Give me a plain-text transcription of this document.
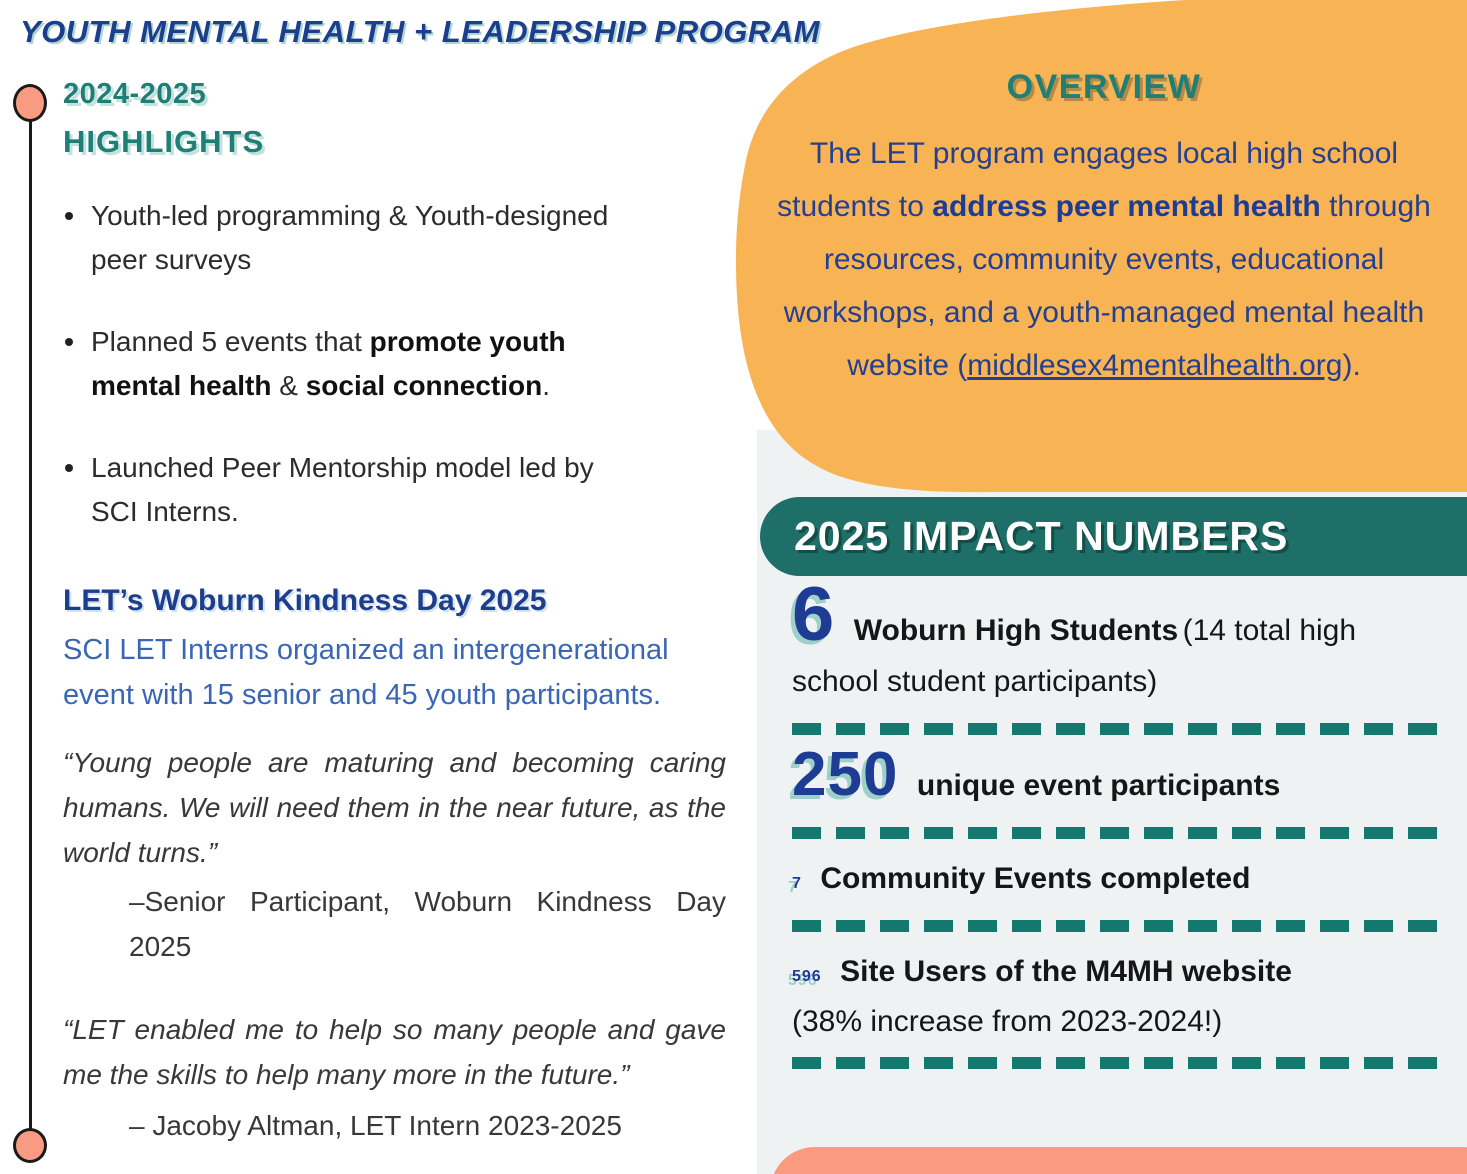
OVERVIEW
The LET program engages local high school students to address peer mental health through resources, community events, educational workshops, and a youth-managed mental health website (middlesex4mentalhealth.org).
2025 IMPACT NUMBERS
6 Woburn High Students (14 total high school student participants)
250 unique event participants
7 Community Events completed
596 Site Users of the M4MH website
(38% increase from 2023-2024!)
YOUTH MENTAL HEALTH + LEADERSHIP PROGRAM
2024-2025
HIGHLIGHTS
Youth-led programming & Youth-designed peer surveys
Planned 5 events that promote youth mental health & social connection.
Launched Peer Mentorship model led by SCI Interns.
LET’s Woburn Kindness Day 2025
SCI LET Interns organized an intergenerational event with 15 senior and 45 youth participants.
“Young people are maturing and becoming caring humans. We will need them in the near future, as the world turns.”
–Senior Participant, Woburn Kindness Day 2025
“LET enabled me to help so many people and gave me the skills to help many more in the future.”
– Jacoby Altman, LET Intern 2023-2025
